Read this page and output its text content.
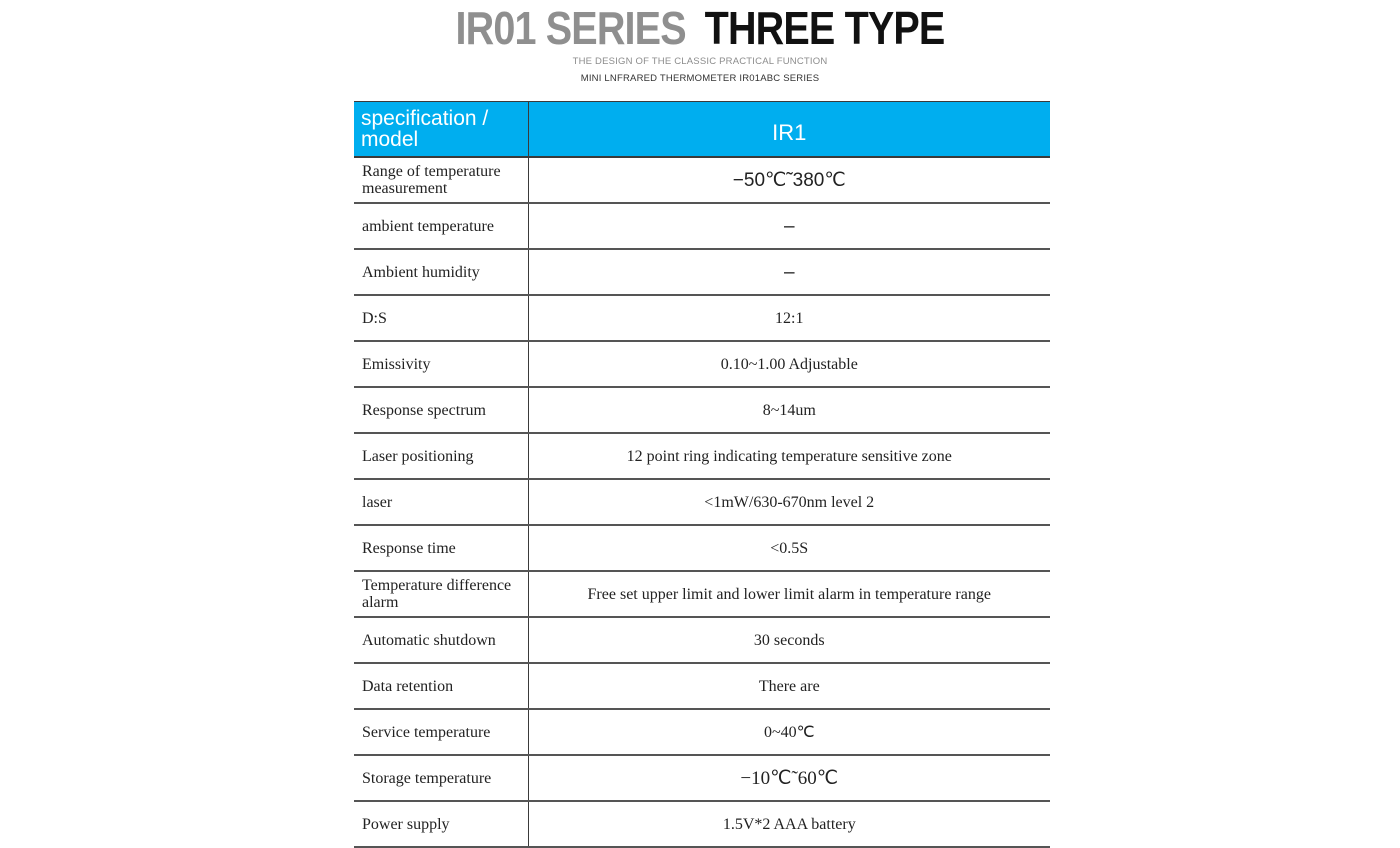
IR01 SERIES THREE TYPE
THE DESIGN OF THE CLASSIC PRACTICAL FUNCTION
MINI LNFRARED THERMOMETER IR01ABC SERIES
specification / model	IR1
Range of temperature measurement	−50℃˜380℃
ambient temperature	–
Ambient humidity	–
D:S	12:1
Emissivity	0.10~1.00 Adjustable
Response spectrum	8~14um
Laser positioning	12 point ring indicating temperature sensitive zone
laser	<1mW/630-670nm level 2
Response time	<0.5S
Temperature difference alarm	Free set upper limit and lower limit alarm in temperature range
Automatic shutdown	30 seconds
Data retention	There are
Service temperature	0~40℃
Storage temperature	−10℃˜60℃
Power supply	1.5V*2 AAA battery
